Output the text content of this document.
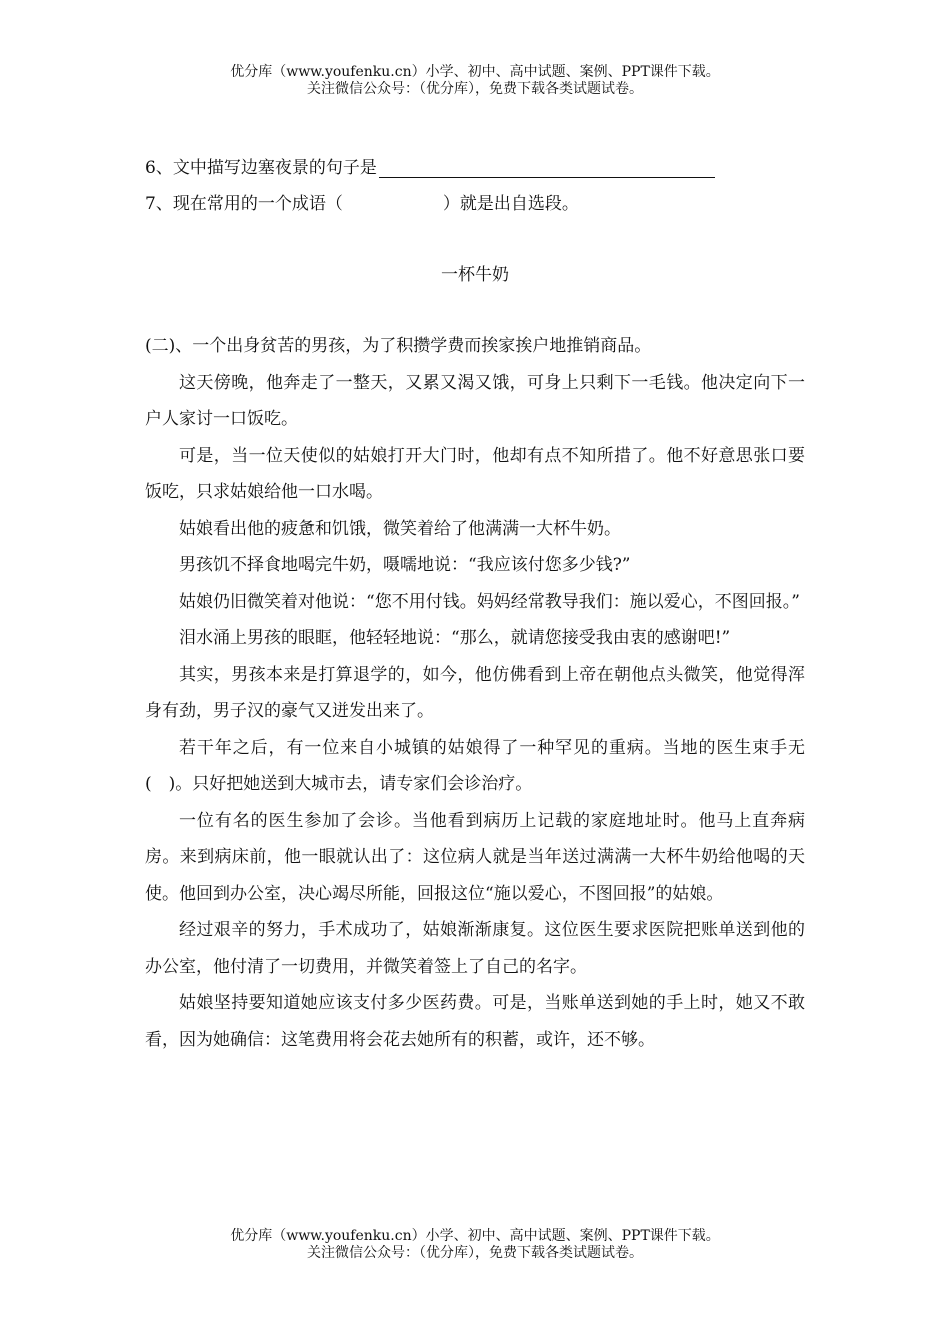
优分库（www.youfenku.cn）小学、初中、高中试题、案例、PPT课件下载。
关注微信公众号：（优分库），免费下载各类试题试卷。

6、文中描写边塞夜景的句子是

7、现在常用的一个成语（	）就是出自选段。

一杯牛奶

(二)、一个出身贫苦的男孩，为了积攒学费而挨家挨户地推销商品。

这天傍晚，他奔走了一整天，又累又渴又饿，可身上只剩下一毛钱。他决定向下一户人家讨一口饭吃。

可是，当一位天使似的姑娘打开大门时，他却有点不知所措了。他不好意思张口要饭吃，只求姑娘给他一口水喝。

姑娘看出他的疲惫和饥饿，微笑着给了他满满一大杯牛奶。

男孩饥不择食地喝完牛奶，嗫嚅地说：“我应该付您多少钱?”

姑娘仍旧微笑着对他说：“您不用付钱。妈妈经常教导我们：施以爱心，不图回报。”

泪水涌上男孩的眼眶，他轻轻地说：“那么，就请您接受我由衷的感谢吧!”

其实，男孩本来是打算退学的，如今，他仿佛看到上帝在朝他点头微笑，他觉得浑身有劲，男子汉的豪气又迸发出来了。

若干年之后，有一位来自小城镇的姑娘得了一种罕见的重病。当地的医生束手无(　)。只好把她送到大城市去，请专家们会诊治疗。

一位有名的医生参加了会诊。当他看到病历上记载的家庭地址时。他马上直奔病房。来到病床前，他一眼就认出了：这位病人就是当年送过满满一大杯牛奶给他喝的天使。他回到办公室，决心竭尽所能，回报这位“施以爱心，不图回报”的姑娘。

经过艰辛的努力，手术成功了，姑娘渐渐康复。这位医生要求医院把账单送到他的办公室，他付清了一切费用，并微笑着签上了自己的名字。

姑娘坚持要知道她应该支付多少医药费。可是，当账单送到她的手上时，她又不敢看，因为她确信：这笔费用将会花去她所有的积蓄，或许，还不够。

优分库（www.youfenku.cn）小学、初中、高中试题、案例、PPT课件下载。
关注微信公众号：（优分库），免费下载各类试题试卷。
